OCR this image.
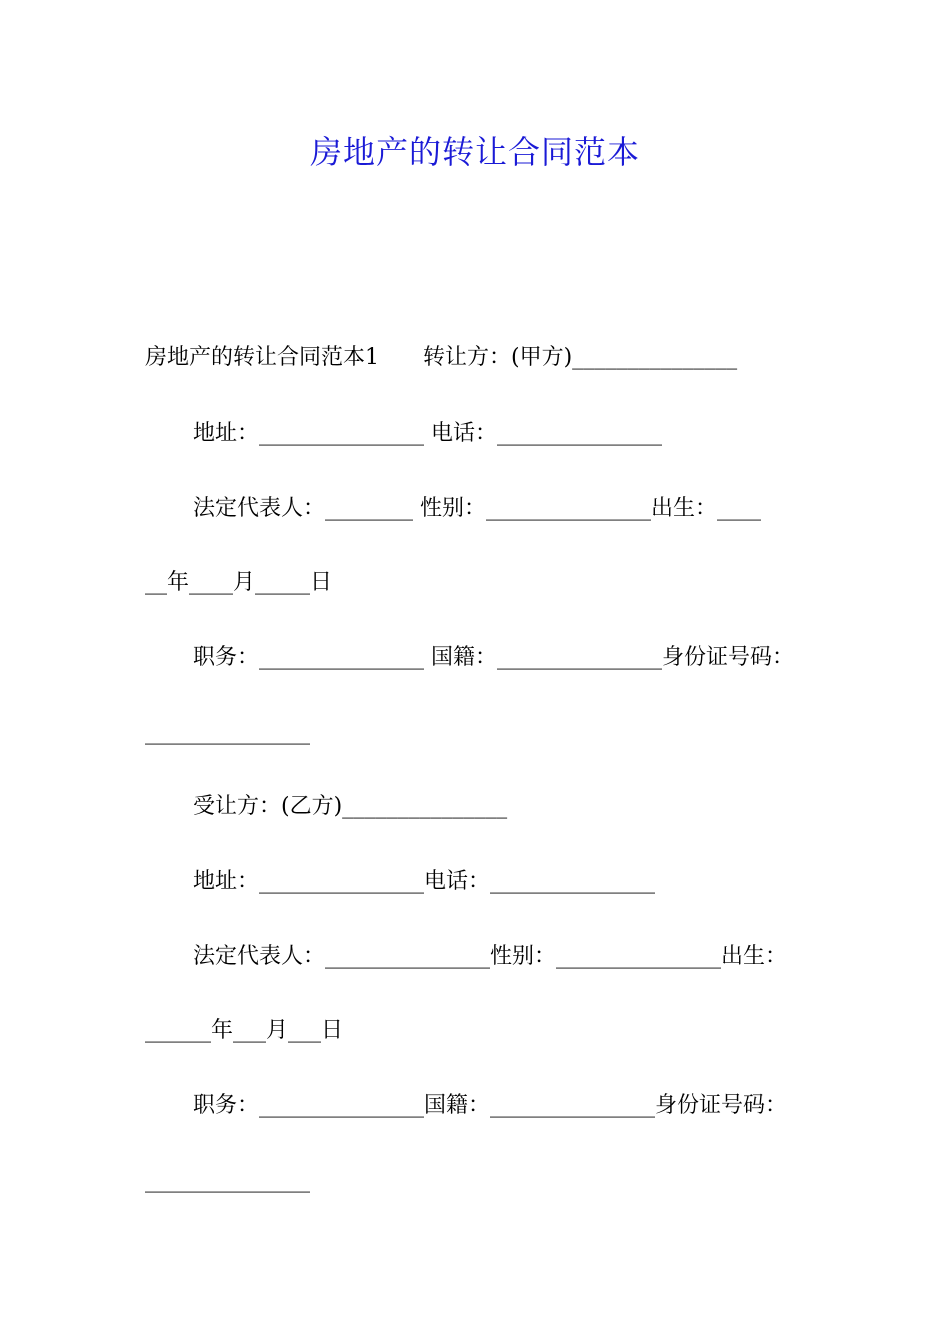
房地产的转让合同范本
房地产的转让合同范本1　　转让方：(甲方)_______________
地址：_______________ 电话：_______________
法定代表人：________ 性别：_______________出生：____
__年____月_____日
职务：_______________ 国籍：_______________身份证号码：
_______________
受让方：(乙方)_______________
地址：_______________电话：_______________
法定代表人：_______________性别：_______________出生：
______年___月___日
职务：_______________国籍：_______________身份证号码：
_______________
